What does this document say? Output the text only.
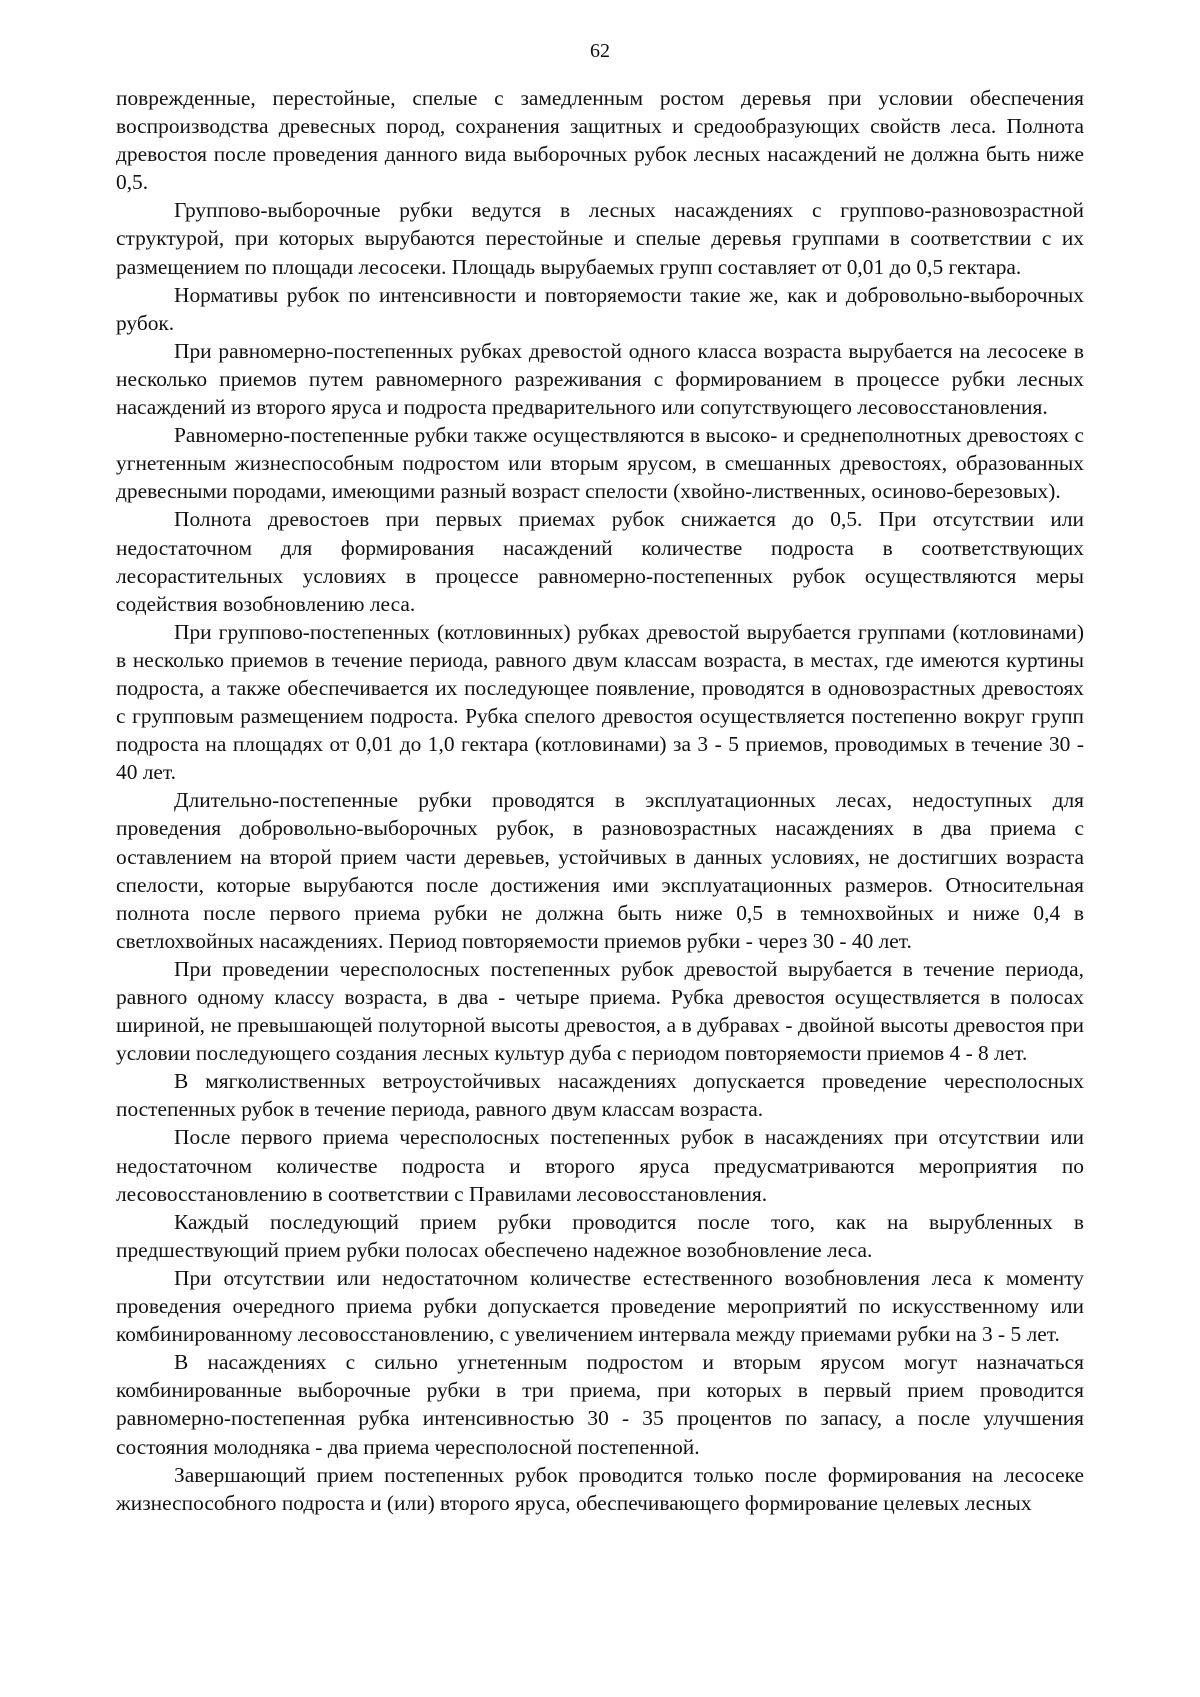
62

поврежденные, перестойные, спелые с замедленным ростом деревья при условии обеспечения воспроизводства древесных пород, сохранения защитных и средообразующих свойств леса. Полнота древостоя после проведения данного вида выборочных рубок лесных насаждений не должна быть ниже 0,5.

Группово-выборочные рубки ведутся в лесных насаждениях с группово-разновозрастной структурой, при которых вырубаются перестойные и спелые деревья группами в соответствии с их размещением по площади лесосеки. Площадь вырубаемых групп составляет от 0,01 до 0,5 гектара.

Нормативы рубок по интенсивности и повторяемости такие же, как и добровольно-выборочных рубок.

При равномерно-постепенных рубках древостой одного класса возраста вырубается на лесосеке в несколько приемов путем равномерного разреживания с формированием в процессе рубки лесных насаждений из второго яруса и подроста предварительного или сопутствующего лесовосстановления.

Равномерно-постепенные рубки также осуществляются в высоко- и среднеполнотных древостоях с угнетенным жизнеспособным подростом или вторым ярусом, в смешанных древостоях, образованных древесными породами, имеющими разный возраст спелости (хвойно-лиственных, осиново-березовых).

Полнота древостоев при первых приемах рубок снижается до 0,5. При отсутствии или недостаточном для формирования насаждений количестве подроста в соответствующих лесорастительных условиях в процессе равномерно-постепенных рубок осуществляются меры содействия возобновлению леса.

При группово-постепенных (котловинных) рубках древостой вырубается группами (котловинами) в несколько приемов в течение периода, равного двум классам возраста, в местах, где имеются куртины подроста, а также обеспечивается их последующее появление, проводятся в одновозрастных древостоях с групповым размещением подроста. Рубка спелого древостоя осуществляется постепенно вокруг групп подроста на площадях от 0,01 до 1,0 гектара (котловинами) за 3 - 5 приемов, проводимых в течение 30 - 40 лет.

Длительно-постепенные рубки проводятся в эксплуатационных лесах, недоступных для проведения добровольно-выборочных рубок, в разновозрастных насаждениях в два приема с оставлением на второй прием части деревьев, устойчивых в данных условиях, не достигших возраста спелости, которые вырубаются после достижения ими эксплуатационных размеров. Относительная полнота после первого приема рубки не должна быть ниже 0,5 в темнохвойных и ниже 0,4 в светлохвойных насаждениях. Период повторяемости приемов рубки - через 30 - 40 лет.

При проведении чересполосных постепенных рубок древостой вырубается в течение периода, равного одному классу возраста, в два - четыре приема. Рубка древостоя осуществляется в полосах шириной, не превышающей полуторной высоты древостоя, а в дубравах - двойной высоты древостоя при условии последующего создания лесных культур дуба с периодом повторяемости приемов 4 - 8 лет.

В мягколиственных ветроустойчивых насаждениях допускается проведение чересполосных постепенных рубок в течение периода, равного двум классам возраста.

После первого приема чересполосных постепенных рубок в насаждениях при отсутствии или недостаточном количестве подроста и второго яруса предусматриваются мероприятия по лесовосстановлению в соответствии с Правилами лесовосстановления.

Каждый последующий прием рубки проводится после того, как на вырубленных в предшествующий прием рубки полосах обеспечено надежное возобновление леса.

При отсутствии или недостаточном количестве естественного возобновления леса к моменту проведения очередного приема рубки допускается проведение мероприятий по искусственному или комбинированному лесовосстановлению, с увеличением интервала между приемами рубки на 3 - 5 лет.

В насаждениях с сильно угнетенным подростом и вторым ярусом могут назначаться комбинированные выборочные рубки в три приема, при которых в первый прием проводится равномерно-постепенная рубка интенсивностью 30 - 35 процентов по запасу, а после улучшения состояния молодняка - два приема чересполосной постепенной.

Завершающий прием постепенных рубок проводится только после формирования на лесосеке жизнеспособного подроста и (или) второго яруса, обеспечивающего формирование целевых лесных
